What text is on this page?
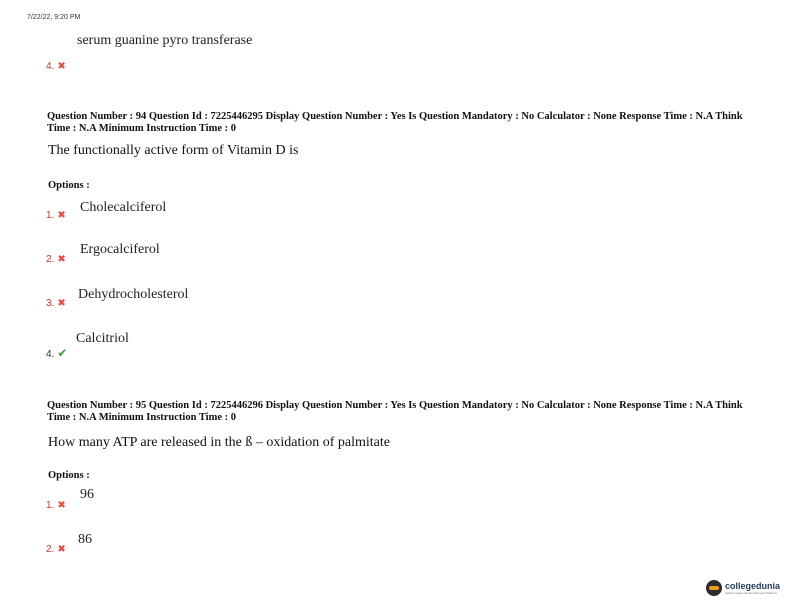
7/22/22, 9:20 PM
serum guanine pyro transferase
4. ✖
Question Number : 94 Question Id : 7225446295 Display Question Number : Yes Is Question Mandatory : No Calculator : None Response Time : N.A Think Time : N.A Minimum Instruction Time : 0
The functionally active form of Vitamin D is
Options :
Cholecalciferol
1. ✖
Ergocalciferol
2. ✖
Dehydrocholesterol
3. ✖
Calcitriol
4. ✔
Question Number : 95 Question Id : 7225446296 Display Question Number : Yes Is Question Mandatory : No Calculator : None Response Time : N.A Think Time : N.A Minimum Instruction Time : 0
How many ATP are released in the ß – oxidation of palmitate
Options :
96
1. ✖
86
2. ✖
collegedunia
India's largest Student Review Platform
